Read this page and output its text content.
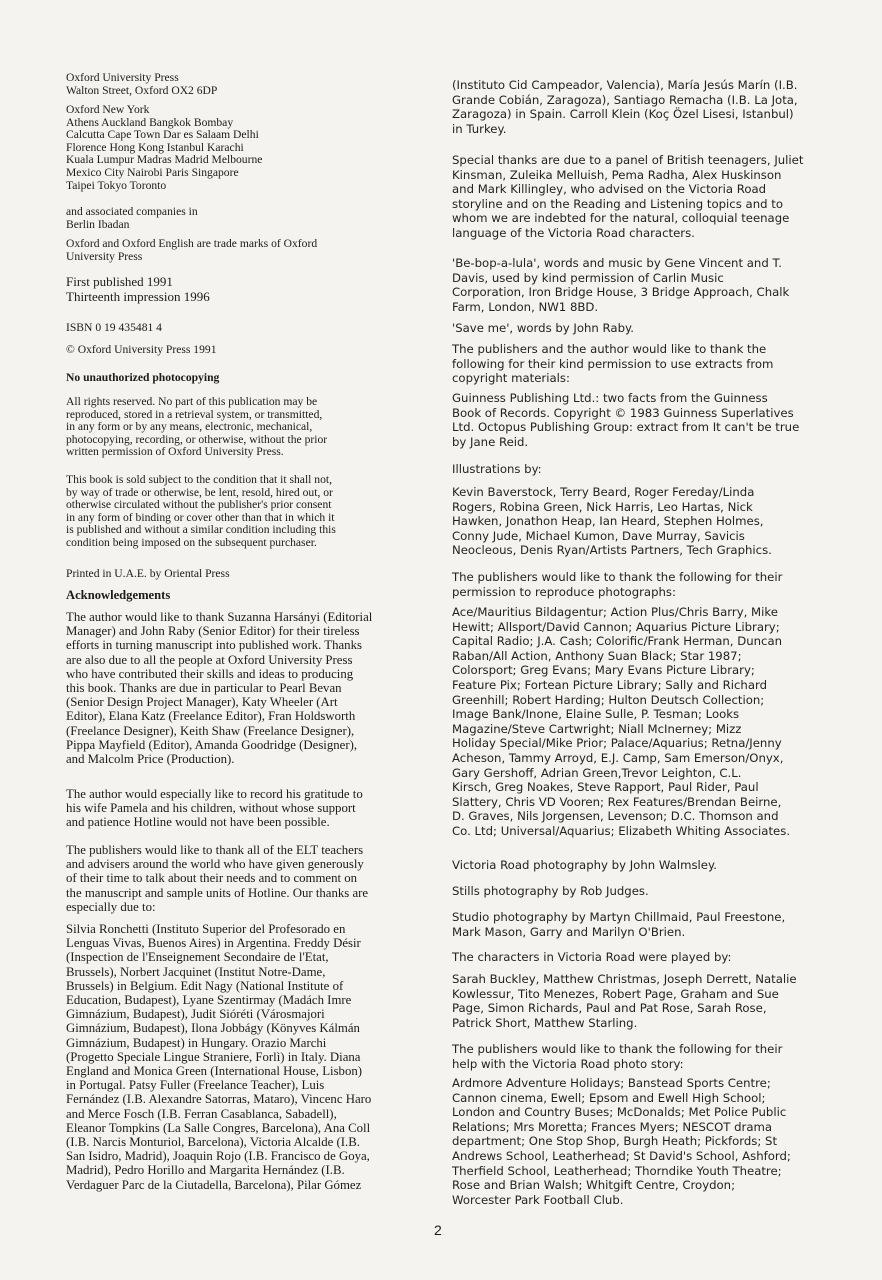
Oxford University Press
Walton Street, Oxford OX2 6DP

Oxford New York
Athens Auckland Bangkok Bombay
Calcutta Cape Town Dar es Salaam Delhi
Florence Hong Kong Istanbul Karachi
Kuala Lumpur Madras Madrid Melbourne
Mexico City Nairobi Paris Singapore
Taipei Tokyo Toronto

and associated companies in
Berlin Ibadan

Oxford and Oxford English are trade marks of Oxford
University Press

First published 1991
Thirteenth impression 1996

ISBN 0 19 435481 4

© Oxford University Press 1991

No unauthorized photocopying

All rights reserved. No part of this publication may be
reproduced, stored in a retrieval system, or transmitted,
in any form or by any means, electronic, mechanical,
photocopying, recording, or otherwise, without the prior
written permission of Oxford University Press.

This book is sold subject to the condition that it shall not,
by way of trade or otherwise, be lent, resold, hired out, or
otherwise circulated without the publisher's prior consent
in any form of binding or cover other than that in which it
is published and without a similar condition including this
condition being imposed on the subsequent purchaser.

Printed in U.A.E. by Oriental Press

Acknowledgements

The author would like to thank Suzanna Harsányi (Editorial
Manager) and John Raby (Senior Editor) for their tireless
efforts in turning manuscript into published work. Thanks
are also due to all the people at Oxford University Press
who have contributed their skills and ideas to producing
this book. Thanks are due in particular to Pearl Bevan
(Senior Design Project Manager), Katy Wheeler (Art
Editor), Elana Katz (Freelance Editor), Fran Holdsworth
(Freelance Designer), Keith Shaw (Freelance Designer),
Pippa Mayfield (Editor), Amanda Goodridge (Designer),
and Malcolm Price (Production).

The author would especially like to record his gratitude to
his wife Pamela and his children, without whose support
and patience Hotline would not have been possible.

The publishers would like to thank all of the ELT teachers
and advisers around the world who have given generously
of their time to talk about their needs and to comment on
the manuscript and sample units of Hotline. Our thanks are
especially due to:

Silvia Ronchetti (Instituto Superior del Profesorado en
Lenguas Vivas, Buenos Aires) in Argentina. Freddy Désir
(Inspection de l'Enseignement Secondaire de l'Etat,
Brussels), Norbert Jacquinet (Institut Notre-Dame,
Brussels) in Belgium. Edit Nagy (National Institute of
Education, Budapest), Lyane Szentirmay (Madách Imre
Gimnázium, Budapest), Judit Sióréti (Városmajori
Gimnázium, Budapest), Ilona Jobbágy (Könyves Kálmán
Gimnázium, Budapest) in Hungary. Orazio Marchi
(Progetto Speciale Lingue Straniere, Forlì) in Italy. Diana
England and Monica Green (International House, Lisbon)
in Portugal. Patsy Fuller (Freelance Teacher), Luis
Fernández (I.B. Alexandre Satorras, Mataro), Vincenc Haro
and Merce Fosch (I.B. Ferran Casablanca, Sabadell),
Eleanor Tompkins (La Salle Congres, Barcelona), Ana Coll
(I.B. Narcis Monturiol, Barcelona), Victoria Alcalde (I.B.
San Isidro, Madrid), Joaquin Rojo (I.B. Francisco de Goya,
Madrid), Pedro Horillo and Margarita Hernández (I.B.
Verdaguer Parc de la Ciutadella, Barcelona), Pilar Gómez

(Instituto Cid Campeador, Valencia), María Jesús Marín (I.B.
Grande Cobián, Zaragoza), Santiago Remacha (I.B. La Jota,
Zaragoza) in Spain. Carroll Klein (Koç Özel Lisesi, Istanbul)
in Turkey.

Special thanks are due to a panel of British teenagers, Juliet
Kinsman, Zuleika Melluish, Pema Radha, Alex Huskinson
and Mark Killingley, who advised on the Victoria Road
storyline and on the Reading and Listening topics and to
whom we are indebted for the natural, colloquial teenage
language of the Victoria Road characters.

'Be-bop-a-lula', words and music by Gene Vincent and T.
Davis, used by kind permission of Carlin Music
Corporation, Iron Bridge House, 3 Bridge Approach, Chalk
Farm, London, NW1 8BD.

'Save me', words by John Raby.

The publishers and the author would like to thank the
following for their kind permission to use extracts from
copyright materials:

Guinness Publishing Ltd.: two facts from the Guinness
Book of Records. Copyright © 1983 Guinness Superlatives
Ltd. Octopus Publishing Group: extract from It can't be true
by Jane Reid.

Illustrations by:

Kevin Baverstock, Terry Beard, Roger Fereday/Linda
Rogers, Robina Green, Nick Harris, Leo Hartas, Nick
Hawken, Jonathon Heap, Ian Heard, Stephen Holmes,
Conny Jude, Michael Kumon, Dave Murray, Savicis
Neocleous, Denis Ryan/Artists Partners, Tech Graphics.

The publishers would like to thank the following for their
permission to reproduce photographs:

Ace/Mauritius Bildagentur; Action Plus/Chris Barry, Mike
Hewitt; Allsport/David Cannon; Aquarius Picture Library;
Capital Radio; J.A. Cash; Colorific/Frank Herman, Duncan
Raban/All Action, Anthony Suan Black; Star 1987;
Colorsport; Greg Evans; Mary Evans Picture Library;
Feature Pix; Fortean Picture Library; Sally and Richard
Greenhill; Robert Harding; Hulton Deutsch Collection;
Image Bank/Inone, Elaine Sulle, P. Tesman; Looks
Magazine/Steve Cartwright; Niall McInerney; Mizz
Holiday Special/Mike Prior; Palace/Aquarius; Retna/Jenny
Acheson, Tammy Arroyd, E.J. Camp, Sam Emerson/Onyx,
Gary Gershoff, Adrian Green,Trevor Leighton, C.L.
Kirsch, Greg Noakes, Steve Rapport, Paul Rider, Paul
Slattery, Chris VD Vooren; Rex Features/Brendan Beirne,
D. Graves, Nils Jorgensen, Levenson; D.C. Thomson and
Co. Ltd; Universal/Aquarius; Elizabeth Whiting Associates.

Victoria Road photography by John Walmsley.

Stills photography by Rob Judges.

Studio photography by Martyn Chillmaid, Paul Freestone,
Mark Mason, Garry and Marilyn O'Brien.

The characters in Victoria Road were played by:

Sarah Buckley, Matthew Christmas, Joseph Derrett, Natalie
Kowlessur, Tito Menezes, Robert Page, Graham and Sue
Page, Simon Richards, Paul and Pat Rose, Sarah Rose,
Patrick Short, Matthew Starling.

The publishers would like to thank the following for their
help with the Victoria Road photo story:

Ardmore Adventure Holidays; Banstead Sports Centre;
Cannon cinema, Ewell; Epsom and Ewell High School;
London and Country Buses; McDonalds; Met Police Public
Relations; Mrs Moretta; Frances Myers; NESCOT drama
department; One Stop Shop, Burgh Heath; Pickfords; St
Andrews School, Leatherhead; St David's School, Ashford;
Therfield School, Leatherhead; Thorndike Youth Theatre;
Rose and Brian Walsh; Whitgift Centre, Croydon;
Worcester Park Football Club.

2
